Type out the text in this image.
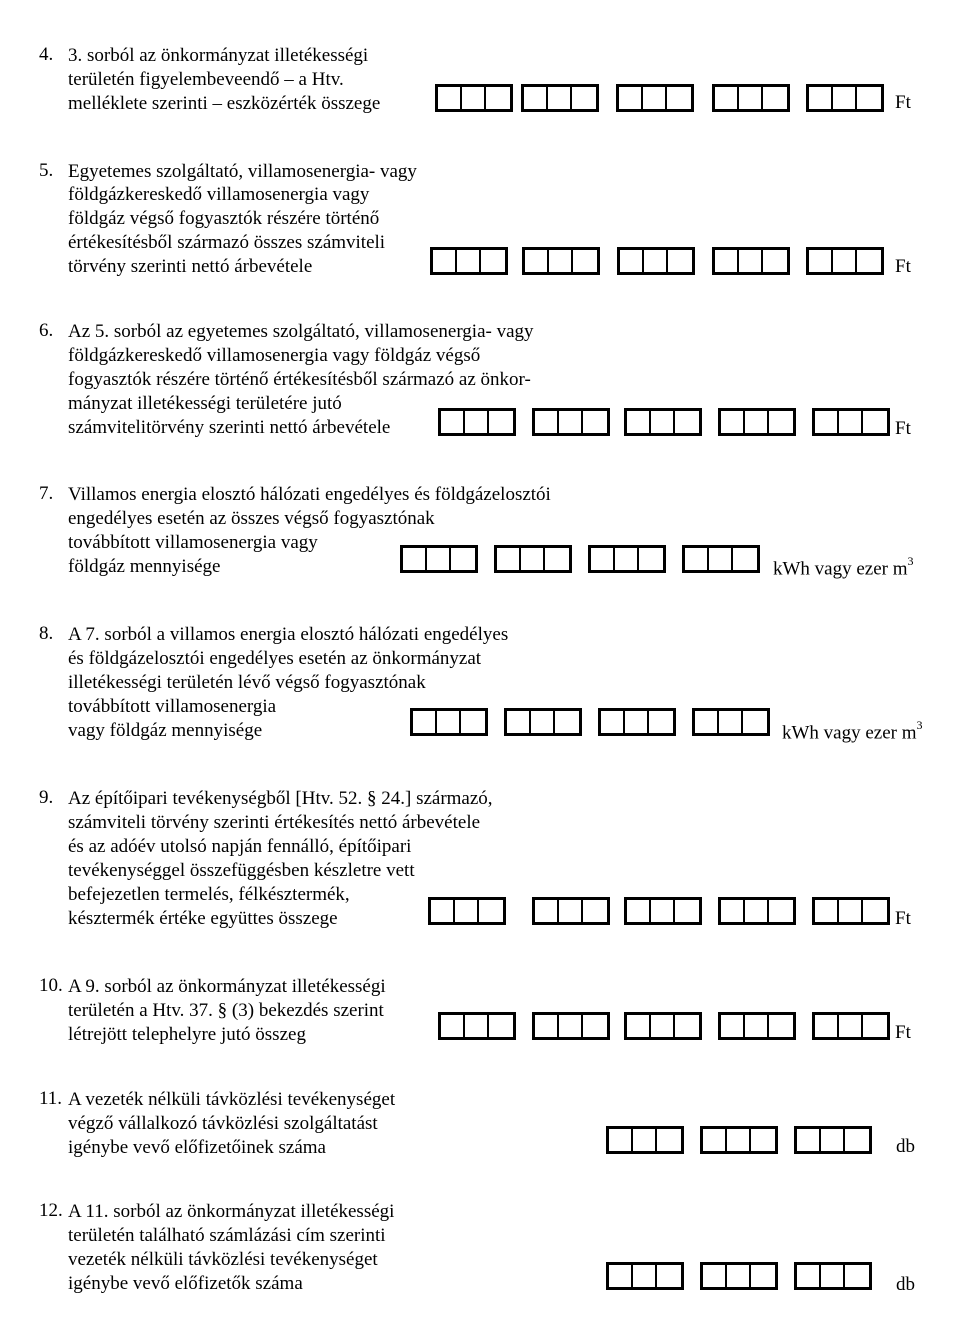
4. 3. sorból az önkormányzat illetékességi
területén figyelembeveendő – a Htv.
melléklete szerinti – eszközérték összege	Ft
5. Egyetemes szolgáltató, villamosenergia- vagy
földgázkereskedő villamosenergia vagy
földgáz végső fogyasztók részére történő
értékesítésből származó összes számviteli
törvény szerinti nettó árbevétele	Ft
6. Az 5. sorból az egyetemes szolgáltató, villamosenergia- vagy
földgázkereskedő villamosenergia vagy földgáz végső
fogyasztók részére történő értékesítésből származó az önkor-
mányzat illetékességi területére jutó
számvitelitörvény szerinti nettó árbevétele	Ft
7. Villamos energia elosztó hálózati engedélyes és földgázelosztói
engedélyes esetén az összes végső fogyasztónak
továbbított villamosenergia vagy
földgáz mennyisége	kWh vagy ezer $m^3$
8. A 7. sorból a villamos energia elosztó hálózati engedélyes
és földgázelosztói engedélyes esetén az önkormányzat
illetékességi területén lévő végső fogyasztónak
továbbított villamosenergia
vagy földgáz mennyisége	kWh vagy ezer $m^3$
9. Az építőipari tevékenységből [Htv. 52. § 24.] származó,
számviteli törvény szerinti értékesítés nettó árbevétele
és az adóév utolsó napján fennálló, építőipari
tevékenységgel összefüggésben készletre vett
befejezetlen termelés, félkésztermék,
késztermék értéke együttes összege	Ft
10. A 9. sorból az önkormányzat illetékességi
területén a Htv. 37. § (3) bekezdés szerint
létrejött telephelyre jutó összeg	Ft
11. A vezeték nélküli távközlési tevékenységet
végző vállalkozó távközlési szolgáltatást
igénybe vevő előfizetőinek száma	db
12. A 11. sorból az önkormányzat illetékességi
területén található számlázási cím szerinti
vezeték nélküli távközlési tevékenységet
igénybe vevő előfizetők száma	db
